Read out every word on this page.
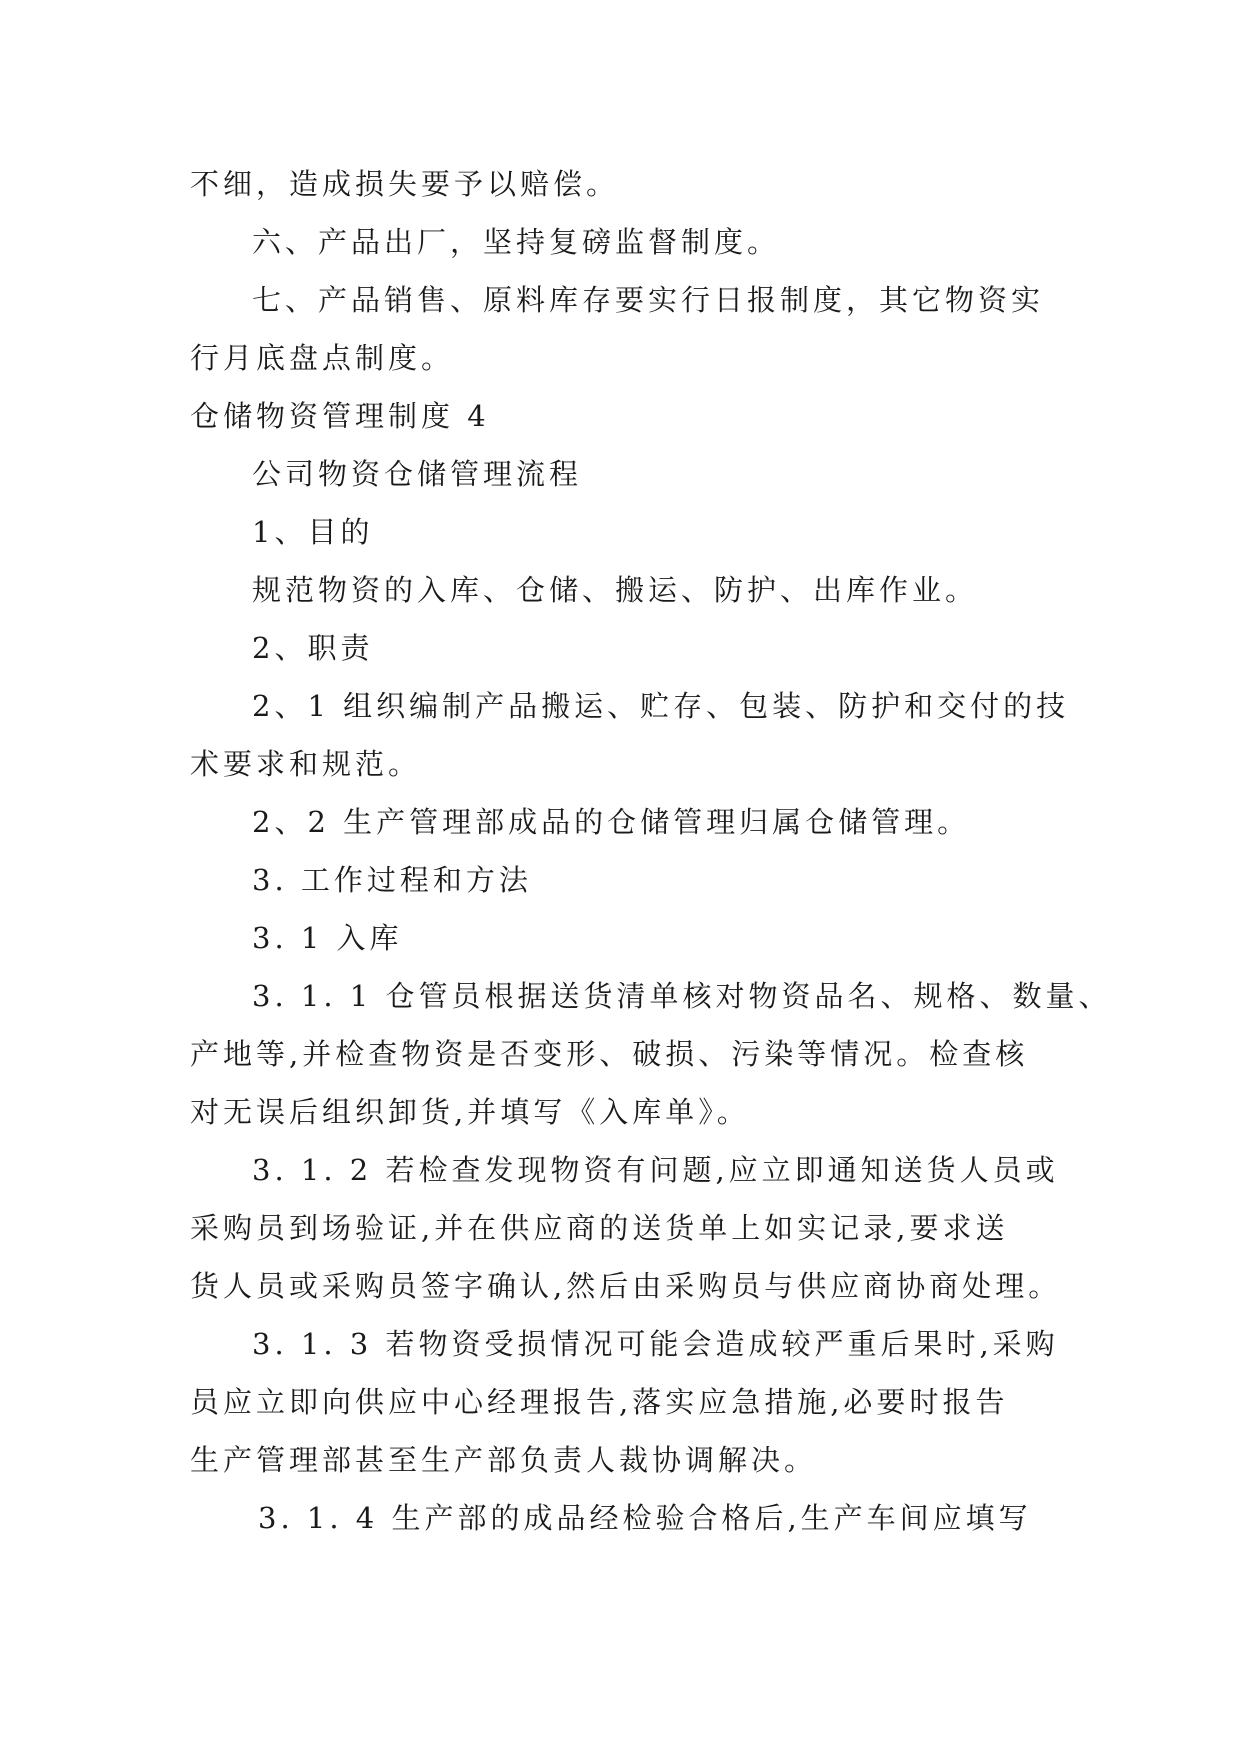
不细，造成损失要予以赔偿。
六、产品出厂，坚持复磅监督制度。
七、产品销售、原料库存要实行日报制度，其它物资实
行月底盘点制度。
仓储物资管理制度 4
公司物资仓储管理流程
1、目的
规范物资的入库、仓储、搬运、防护、出库作业。
2、职责
2、1 组织编制产品搬运、贮存、包装、防护和交付的技
术要求和规范。
2、2 生产管理部成品的仓储管理归属仓储管理。
3. 工作过程和方法
3. 1 入库
3. 1. 1 仓管员根据送货清单核对物资品名、规格、数量、
产地等,并检查物资是否变形、破损、污染等情况。检查核
对无误后组织卸货,并填写《入库单》。
3. 1. 2 若检查发现物资有问题,应立即通知送货人员或
采购员到场验证,并在供应商的送货单上如实记录,要求送
货人员或采购员签字确认,然后由采购员与供应商协商处理。
3. 1. 3 若物资受损情况可能会造成较严重后果时,采购
员应立即向供应中心经理报告,落实应急措施,必要时报告
生产管理部甚至生产部负责人裁协调解决。
3. 1. 4 生产部的成品经检验合格后,生产车间应填写
